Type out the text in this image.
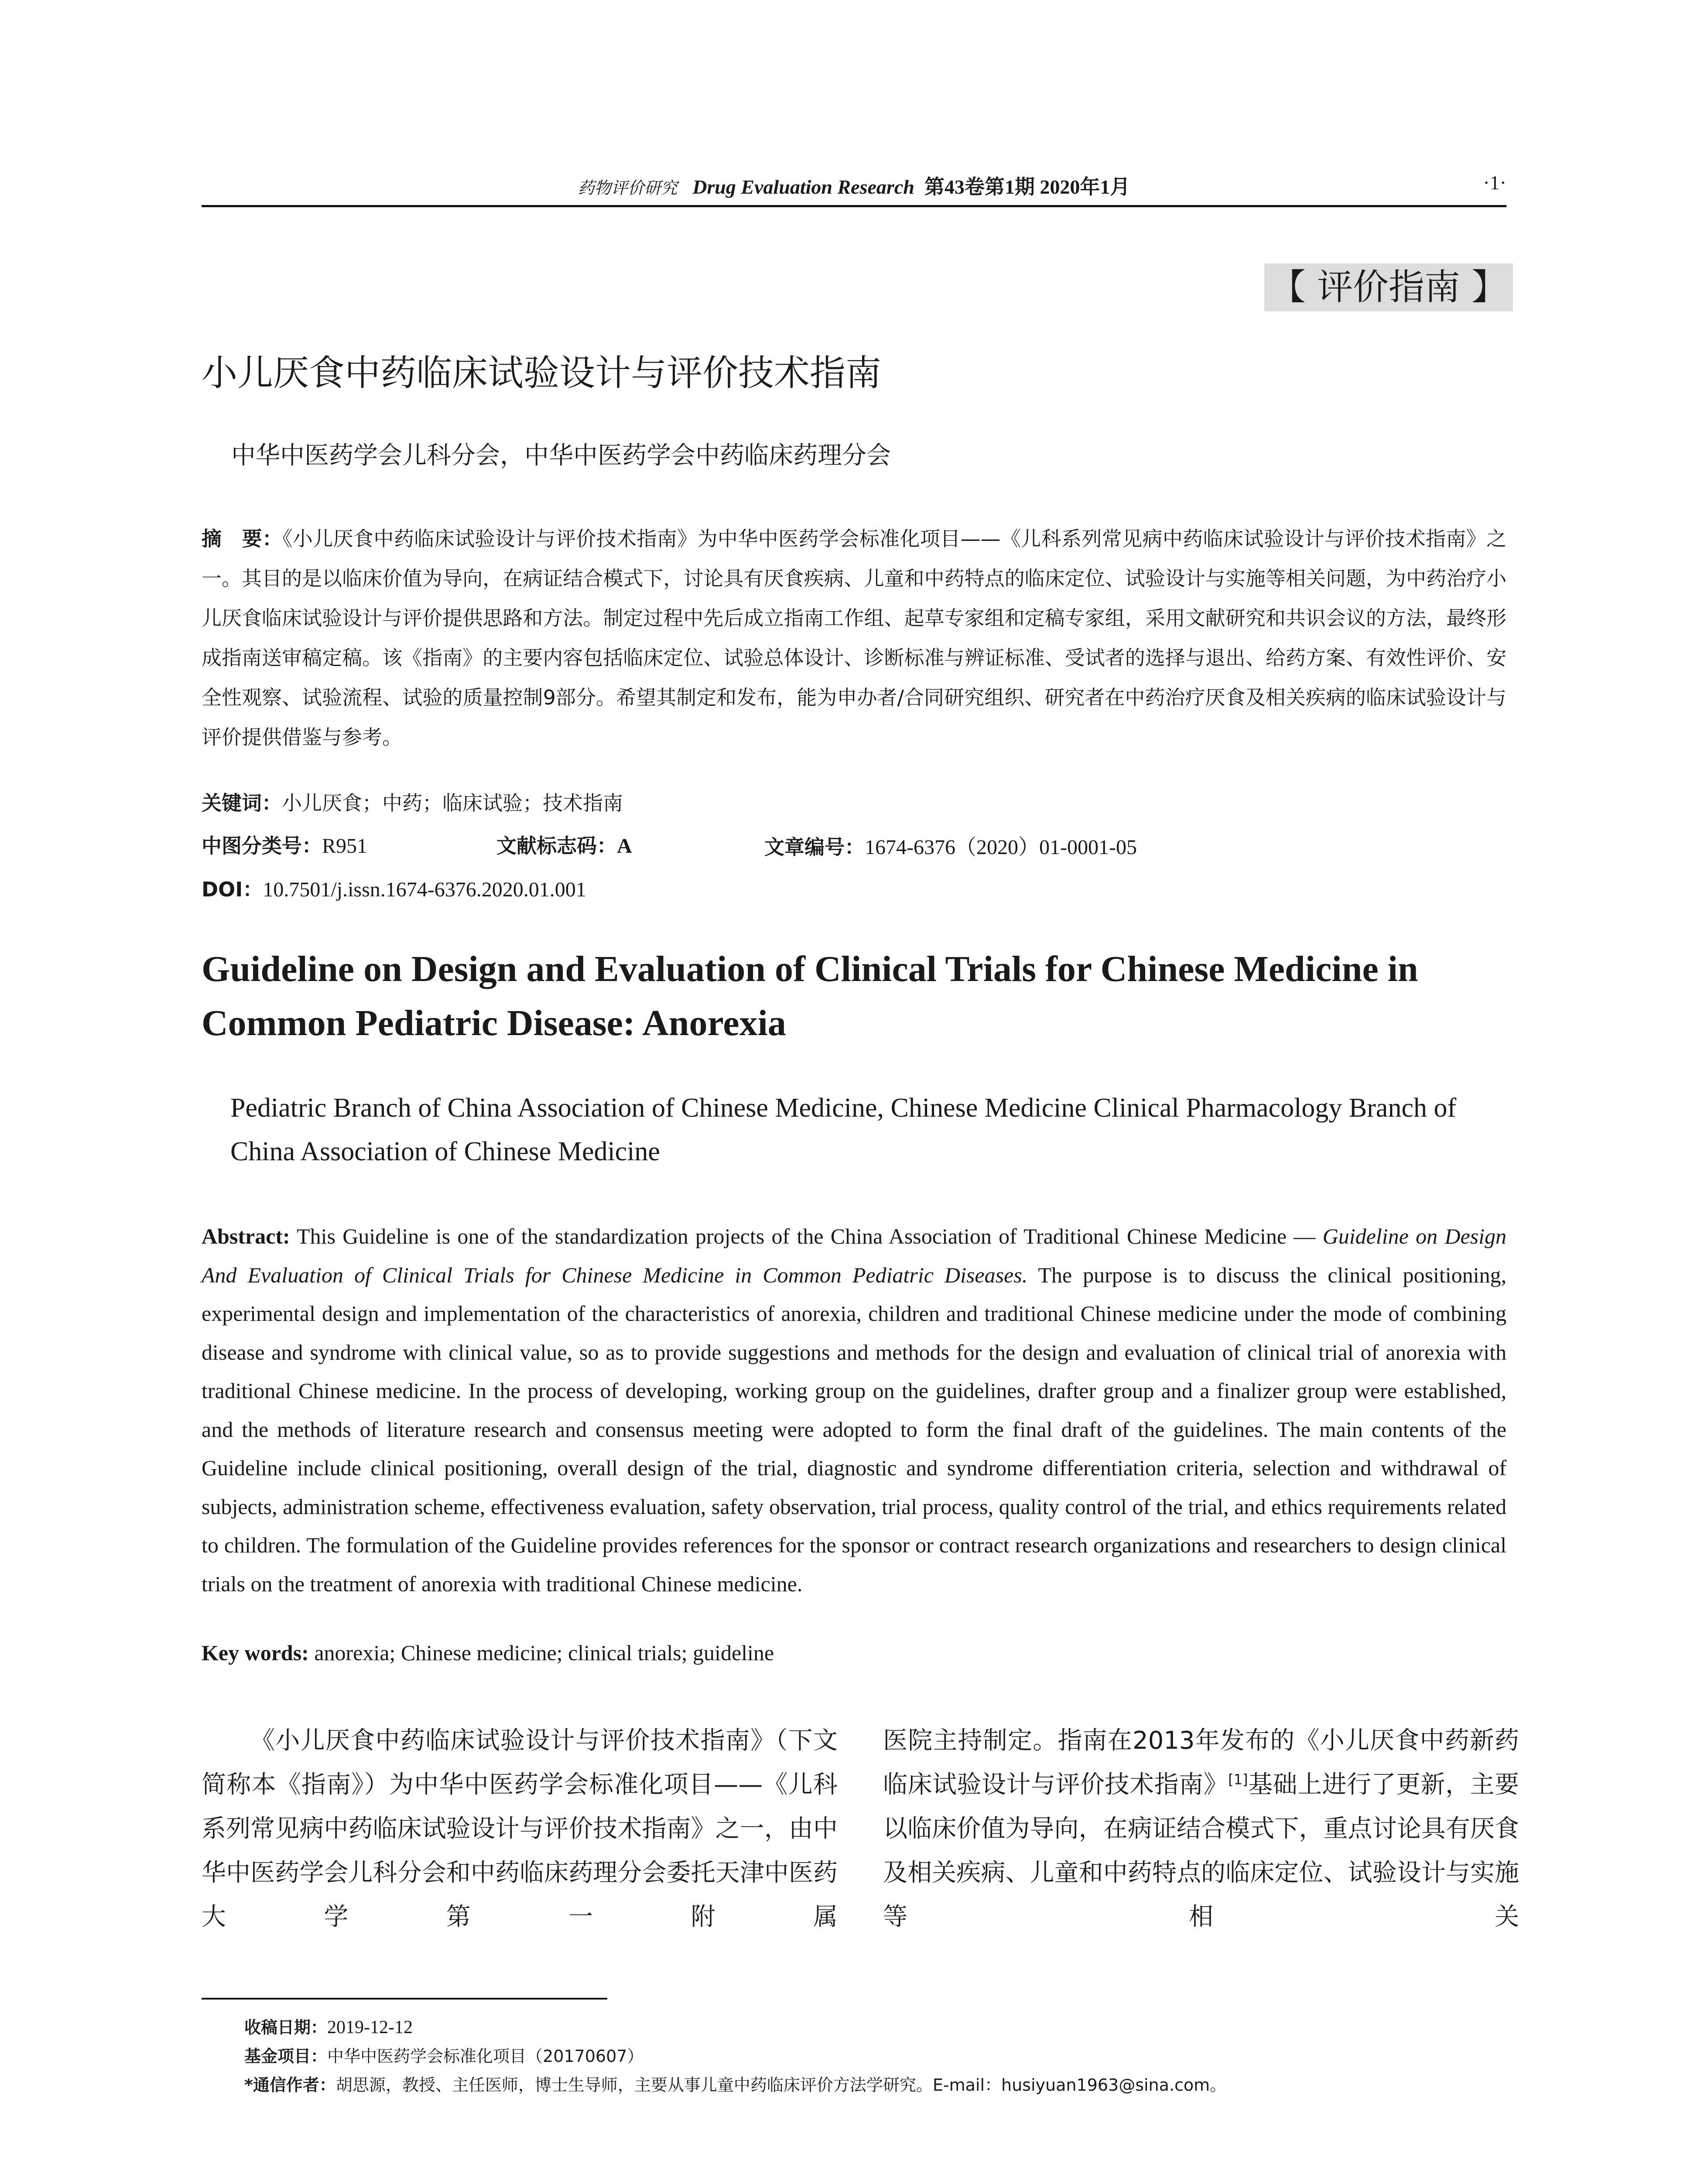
药物评价研究 Drug Evaluation Research 第43卷第1期 2020年1月	·1·
【 评价指南 】
小儿厌食中药临床试验设计与评价技术指南
中华中医药学会儿科分会，中华中医药学会中药临床药理分会
摘　要：《小儿厌食中药临床试验设计与评价技术指南》为中华中医药学会标准化项目——《儿科系列常见病中药临床试验设计与评价技术指南》之一。其目的是以临床价值为导向，在病证结合模式下，讨论具有厌食疾病、儿童和中药特点的临床定位、试验设计与实施等相关问题，为中药治疗小儿厌食临床试验设计与评价提供思路和方法。制定过程中先后成立指南工作组、起草专家组和定稿专家组，采用文献研究和共识会议的方法，最终形成指南送审稿定稿。该《指南》的主要内容包括临床定位、试验总体设计、诊断标准与辨证标准、受试者的选择与退出、给药方案、有效性评价、安全性观察、试验流程、试验的质量控制9部分。希望其制定和发布，能为申办者/合同研究组织、研究者在中药治疗厌食及相关疾病的临床试验设计与评价提供借鉴与参考。
关键词：小儿厌食；中药；临床试验；技术指南
中图分类号：R951	文献标志码：A	文章编号：1674-6376（2020）01-0001-05
DOI：10.7501/j.issn.1674-6376.2020.01.001
Guideline on Design and Evaluation of Clinical Trials for Chinese Medicine in Common Pediatric Disease: Anorexia
Pediatric Branch of China Association of Chinese Medicine, Chinese Medicine Clinical Pharmacology Branch of China Association of Chinese Medicine
Abstract: This Guideline is one of the standardization projects of the China Association of Traditional Chinese Medicine — Guideline on Design And Evaluation of Clinical Trials for Chinese Medicine in Common Pediatric Diseases. The purpose is to discuss the clinical positioning, experimental design and implementation of the characteristics of anorexia, children and traditional Chinese medicine under the mode of combining disease and syndrome with clinical value, so as to provide suggestions and methods for the design and evaluation of clinical trial of anorexia with traditional Chinese medicine. In the process of developing, working group on the guidelines, drafter group and a finalizer group were established, and the methods of literature research and consensus meeting were adopted to form the final draft of the guidelines. The main contents of the Guideline include clinical positioning, overall design of the trial, diagnostic and syndrome differentiation criteria, selection and withdrawal of subjects, administration scheme, effectiveness evaluation, safety observation, trial process, quality control of the trial, and ethics requirements related to children. The formulation of the Guideline provides references for the sponsor or contract research organizations and researchers to design clinical trials on the treatment of anorexia with traditional Chinese medicine.
Key words: anorexia; Chinese medicine; clinical trials; guideline
《小儿厌食中药临床试验设计与评价技术指南》（下文简称本《指南》）为中华中医药学会标准化项目——《儿科系列常见病中药临床试验设计与评价技术指南》之一，由中华中医药学会儿科分会和中药临床药理分会委托天津中医药大学第一附属
医院主持制定。指南在2013年发布的《小儿厌食中药新药临床试验设计与评价技术指南》[1]基础上进行了更新，主要以临床价值为导向，在病证结合模式下，重点讨论具有厌食及相关疾病、儿童和中药特点的临床定位、试验设计与实施等相关
收稿日期：2019-12-12
基金项目：中华中医药学会标准化项目（20170607）
*通信作者：胡思源，教授、主任医师，博士生导师，主要从事儿童中药临床评价方法学研究。E-mail：husiyuan1963@sina.com。
